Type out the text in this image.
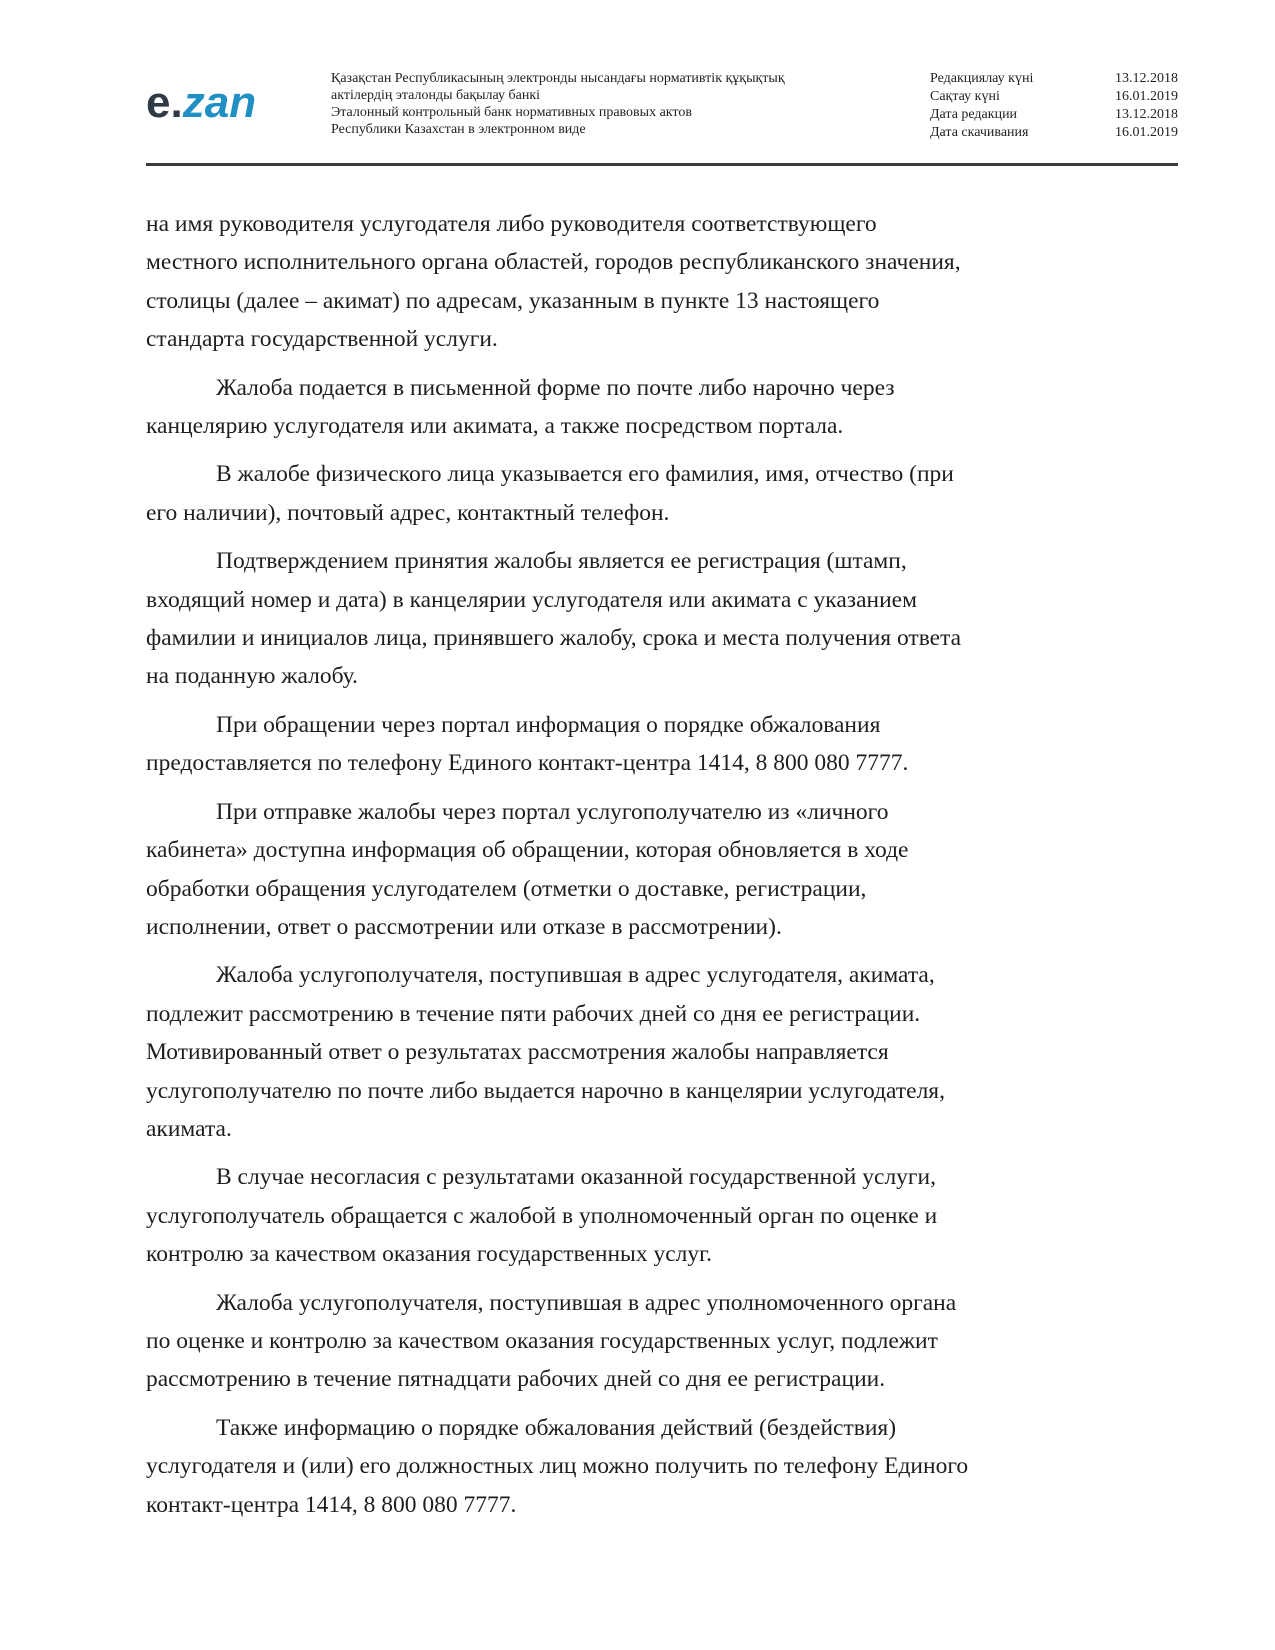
e.zan	Қазақстан Республикасының электронды нысандағы нормативтік құқықтық
актілердің эталонды бақылау банкі
Эталонный контрольный банк нормативных правовых актов
Республики Казахстан в электронном виде
Редакциялау күні	13.12.2018
Сақтау күні	16.01.2019
Дата редакции	13.12.2018
Дата скачивания	16.01.2019

на имя руководителя услугодателя либо руководителя соответствующего
местного исполнительного органа областей, городов республиканского значения,
столицы (далее – акимат) по адресам, указанным в пункте 13 настоящего
стандарта государственной услуги.

Жалоба подается в письменной форме по почте либо нарочно через
канцелярию услугодателя или акимата, а также посредством портала.

В жалобе физического лица указывается его фамилия, имя, отчество (при
его наличии), почтовый адрес, контактный телефон.

Подтверждением принятия жалобы является ее регистрация (штамп,
входящий номер и дата) в канцелярии услугодателя или акимата с указанием
фамилии и инициалов лица, принявшего жалобу, срока и места получения ответа
на поданную жалобу.

При обращении через портал информация о порядке обжалования
предоставляется по телефону Единого контакт-центра 1414, 8 800 080 7777.

При отправке жалобы через портал услугополучателю из «личного
кабинета» доступна информация об обращении, которая обновляется в ходе
обработки обращения услугодателем (отметки о доставке, регистрации,
исполнении, ответ о рассмотрении или отказе в рассмотрении).

Жалоба услугополучателя, поступившая в адрес услугодателя, акимата,
подлежит рассмотрению в течение пяти рабочих дней со дня ее регистрации.
Мотивированный ответ о результатах рассмотрения жалобы направляется
услугополучателю по почте либо выдается нарочно в канцелярии услугодателя,
акимата.

В случае несогласия с результатами оказанной государственной услуги,
услугополучатель обращается с жалобой в уполномоченный орган по оценке и
контролю за качеством оказания государственных услуг.

Жалоба услугополучателя, поступившая в адрес уполномоченного органа
по оценке и контролю за качеством оказания государственных услуг, подлежит
рассмотрению в течение пятнадцати рабочих дней со дня ее регистрации.

Также информацию о порядке обжалования действий (бездействия)
услугодателя и (или) его должностных лиц можно получить по телефону Единого
контакт-центра 1414, 8 800 080 7777.
